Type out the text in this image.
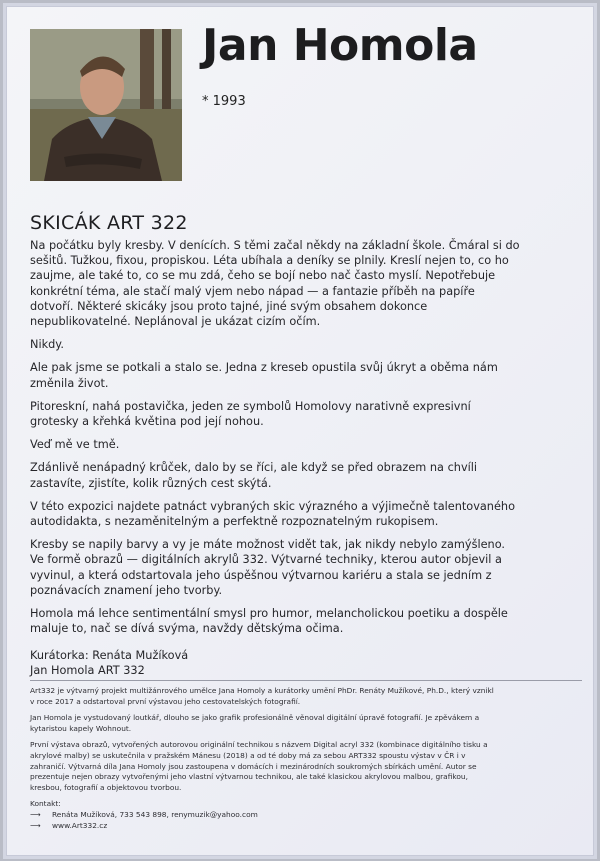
Jan Homola
* 1993
SKICÁK ART 322

Na počátku byly kresby. V denících. S těmi začal někdy na základní škole. Čmáral si do sešitů. Tužkou, fixou, propiskou. Léta ubíhala a deníky se plnily. Kreslí nejen to, co ho zaujme, ale také to, co se mu zdá, čeho se bojí nebo nač často myslí. Nepotřebuje konkrétní téma, ale stačí malý vjem nebo nápad — a fantazie příběh na papíře dotvoří. Některé skicáky jsou proto tajné, jiné svým obsahem dokonce nepublikovatelné. Neplánoval je ukázat cizím očím.

Nikdy.

Ale pak jsme se potkali a stalo se. Jedna z kreseb opustila svůj úkryt a oběma nám změnila život.

Pitoreskní, nahá postavička, jeden ze symbolů Homolovy narativně expresivní grotesky a křehká květina pod její nohou.

Veď mě ve tmě.

Zdánlivě nenápadný krůček, dalo by se říci, ale když se před obrazem na chvíli zastavíte, zjistíte, kolik různých cest skýtá.

V této expozici najdete patnáct vybraných skic výrazného a výjimečně talentovaného autodidakta, s nezaměnitelným a perfektně rozpoznatelným rukopisem.

Kresby se napily barvy a vy je máte možnost vidět tak, jak nikdy nebylo zamýšleno. Ve formě obrazů — digitálních akrylů 332. Výtvarné techniky, kterou autor objevil a vyvinul, a která odstartovala jeho úspěšnou výtvarnou kariéru a stala se jedním z poznávacích znamení jeho tvorby.

Homola má lehce sentimentální smysl pro humor, melancholickou poetiku a dospěle maluje to, nač se dívá svýma, navždy dětskýma očima.

Kurátorka: Renáta Mužíková
Jan Homola ART 332

Art332 je výtvarný projekt multižánrového umělce Jana Homoly a kurátorky umění PhDr. Renáty Mužíkové, Ph.D., který vznikl v roce 2017 a odstartoval první výstavou jeho cestovatelských fotografií.

Jan Homola je vystudovaný loutkář, dlouho se jako grafik profesionálně věnoval digitální úpravě fotografií. Je zpěvákem a kytaristou kapely Wohnout.

První výstava obrazů, vytvořených autorovou originální technikou s názvem Digital acryl 332 (kombinace digitálního tisku a akrylové malby) se uskutečnila v pražském Mánesu (2018) a od té doby má za sebou ART332 spoustu výstav v ČR i v zahraničí. Výtvarná díla Jana Homoly jsou zastoupena v domácích i mezinárodních soukromých sbírkách umění. Autor se prezentuje nejen obrazy vytvořenými jeho vlastní výtvarnou technikou, ale také klasickou akrylovou malbou, grafikou, kresbou, fotografií a objektovou tvorbou.

Kontakt:
⟶	Renáta Mužíková, 733 543 898, renymuzik@yahoo.com
⟶	www.Art332.cz
